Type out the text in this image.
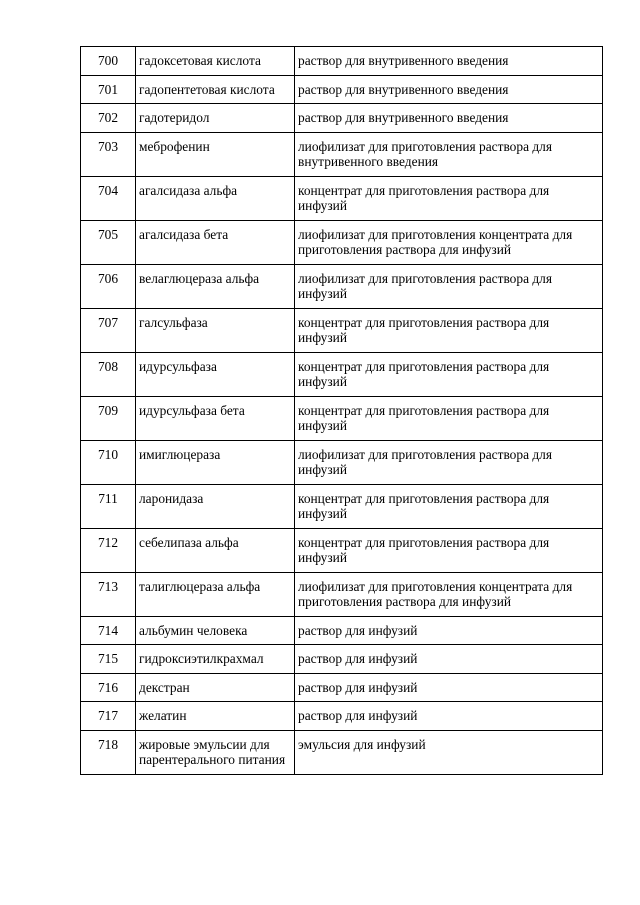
700	гадоксетовая кислота	раствор для внутривенного введения
701	гадопентетовая кислота	раствор для внутривенного введения
702	гадотеридол	раствор для внутривенного введения
703	меброфенин	лиофилизат для приготовления раствора для внутривенного введения
704	агалсидаза альфа	концентрат для приготовления раствора для инфузий
705	агалсидаза бета	лиофилизат для приготовления концентрата для приготовления раствора для инфузий
706	велаглюцераза альфа	лиофилизат для приготовления раствора для инфузий
707	галсульфаза	концентрат для приготовления раствора для инфузий
708	идурсульфаза	концентрат для приготовления раствора для инфузий
709	идурсульфаза бета	концентрат для приготовления раствора для инфузий
710	имиглюцераза	лиофилизат для приготовления раствора для инфузий
711	ларонидаза	концентрат для приготовления раствора для инфузий
712	себелипаза альфа	концентрат для приготовления раствора для инфузий
713	талиглюцераза альфа	лиофилизат для приготовления концентрата для приготовления раствора для инфузий
714	альбумин человека	раствор для инфузий
715	гидроксиэтилкрахмал	раствор для инфузий
716	декстран	раствор для инфузий
717	желатин	раствор для инфузий
718	жировые эмульсии для парентерального питания	эмульсия для инфузий
